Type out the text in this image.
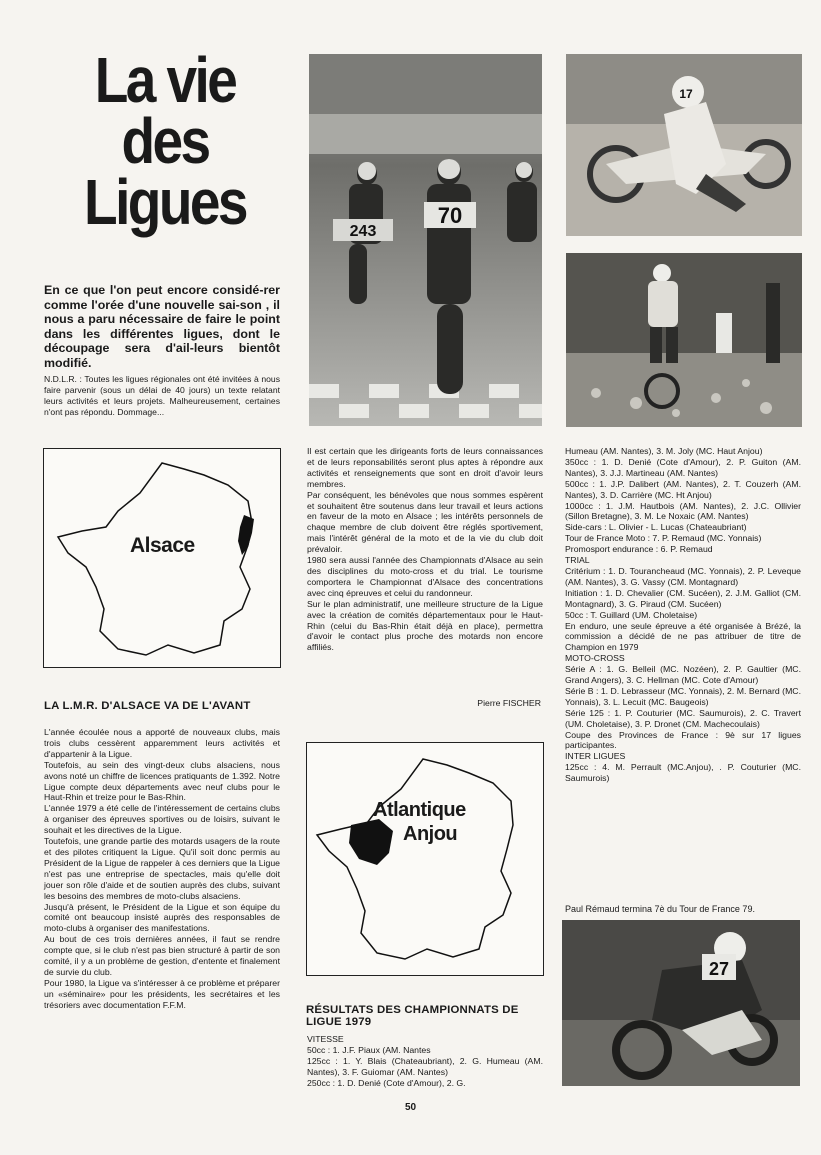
La vie
des
Ligues
En ce que l'on peut encore considé-rer comme l'orée d'une nouvelle sai-son , il nous a paru nécessaire de faire le point dans les différentes ligues, dont le découpage sera d'ail-leurs bientôt modifié.
N.D.L.R. : Toutes les ligues régionales ont été invitées à nous faire parvenir (sous un délai de 40 jours) un texte relatant leurs activités et leurs projets. Malheureusement, certaines n'ont pas répondu. Dommage...
Alsace
LA L.M.R. D'ALSACE VA DE L'AVANT

L'année écoulée nous a apporté de nouveaux clubs, mais trois clubs cessèrent apparemment leurs activités et d'appartenir à la Ligue.

Toutefois, au sein des vingt-deux clubs alsaciens, nous avons noté un chiffre de licences pratiquants de 1.392. Notre Ligue compte deux départements avec neuf clubs pour le Haut-Rhin et treize pour le Bas-Rhin.

L'année 1979 a été celle de l'intéressement de certains clubs à organiser des épreuves sportives ou de loisirs, suivant le souhait et les directives de la Ligue.

Toutefois, une grande partie des motards usagers de la route et des pilotes critiquent la Ligue. Qu'il soit donc permis au Président de la Ligue de rappeler à ces derniers que la Ligue n'est pas une entreprise de spectacles, mais qu'elle doit jouer son rôle d'aide et de soutien auprès des clubs, suivant les besoins des membres de moto-clubs alsaciens.

Jusqu'à présent, le Président de la Ligue et son équipe du comité ont beaucoup insisté auprès des responsables de moto-clubs à organiser des manifestations.

Au bout de ces trois dernières années, il faut se rendre compte que, si le club n'est pas bien structuré à partir de son comité, il y a un problème de gestion, d'entente et finalement de survie du club.

Pour 1980, la Ligue va s'intéresser à ce problème et préparer un «séminaire» pour les présidents, les secrétaires et les trésoriers avec documentation F.F.M.

243
70
17

Il est certain que les dirigeants forts de leurs connaissances et de leurs reponsabilités seront plus aptes à répondre aux activités et renseignements que sont en droit d'avoir leurs membres.

Par conséquent, les bénévoles que nous sommes espèrent et souhaitent être soutenus dans leur travail et leurs actions en faveur de la moto en Alsace ; les intérêts personnels de chaque membre de club doivent être réglés sportivement, mais l'intérêt général de la moto et de la vie du club doit prévaloir.

1980 sera aussi l'année des Championnats d'Alsace au sein des disciplines du moto-cross et du trial. Le tourisme comportera le Championnat d'Alsace des concentrations avec cinq épreuves et celui du randonneur.

Sur le plan administratif, une meilleure structure de la Ligue avec la création de comités départementaux pour le Haut-Rhin (celui du Bas-Rhin était déjà en place), permettra d'avoir le contact plus proche des motards non encore affiliés.

Pierre FISCHER
Atlantique
Anjou
RÉSULTATS DES CHAMPIONNATS DE
LIGUE 1979

VITESSE

50cc : 1. J.F. Piaux (AM. Nantes

125cc : 1. Y. Blais (Chateaubriant), 2. G. Humeau (AM. Nantes), 3. F. Guiomar (AM. Nantes)

250cc : 1. D. Denié (Cote d'Amour), 2. G.

Humeau (AM. Nantes), 3. M. Joly (MC. Haut Anjou)

350cc : 1. D. Denié (Cote d'Amour), 2. P. Guiton (AM. Nantes), 3. J.J. Martineau (AM. Nantes)

500cc : 1. J.P. Dalibert (AM. Nantes), 2. T. Couzerh (AM. Nantes), 3. D. Carrière (MC. Ht Anjou)

1000cc : 1. J.M. Hautbois (AM. Nantes), 2. J.C. Ollivier (Sillon Bretagne), 3. M. Le Noxaic (AM. Nantes)

Side-cars : L. Olivier - L. Lucas (Chateaubriant)

Tour de France Moto : 7. P. Remaud (MC. Yonnais)

Promosport endurance : 6. P. Remaud

TRIAL

Critérium : 1. D. Tourancheaud (MC. Yonnais), 2. P. Leveque (AM. Nantes), 3. G. Vassy (CM. Montagnard)

Initiation : 1. D. Chevalier (CM. Sucéen), 2. J.M. Galliot (CM. Montagnard), 3. G. Piraud (CM. Sucéen)

50cc : T. Guillard (UM. Choletaise)

En enduro, une seule épreuve a été organisée à Brézé, la commission a décidé de ne pas attribuer de titre de Champion en 1979

MOTO-CROSS

Série A : 1. G. Belleil (MC. Nozéen), 2. P. Gaultier (MC. Grand Angers), 3. C. Hellman (MC. Cote d'Amour)

Série B : 1. D. Lebrasseur (MC. Yonnais), 2. M. Bernard (MC. Yonnais), 3. L. Lecuit (MC. Baugeois)

Série 125 : 1. P. Couturier (MC. Saumurois), 2. C. Travert (UM. Choletaise), 3. P. Dronet (CM. Machecoulais)

Coupe des Provinces de France : 9è sur 17 ligues participantes.

INTER LIGUES

125cc : 4. M. Perrault (MC.Anjou), . P. Couturier (MC. Saumurois)

Paul Rémaud termina 7è du Tour de France 79.
27
50
